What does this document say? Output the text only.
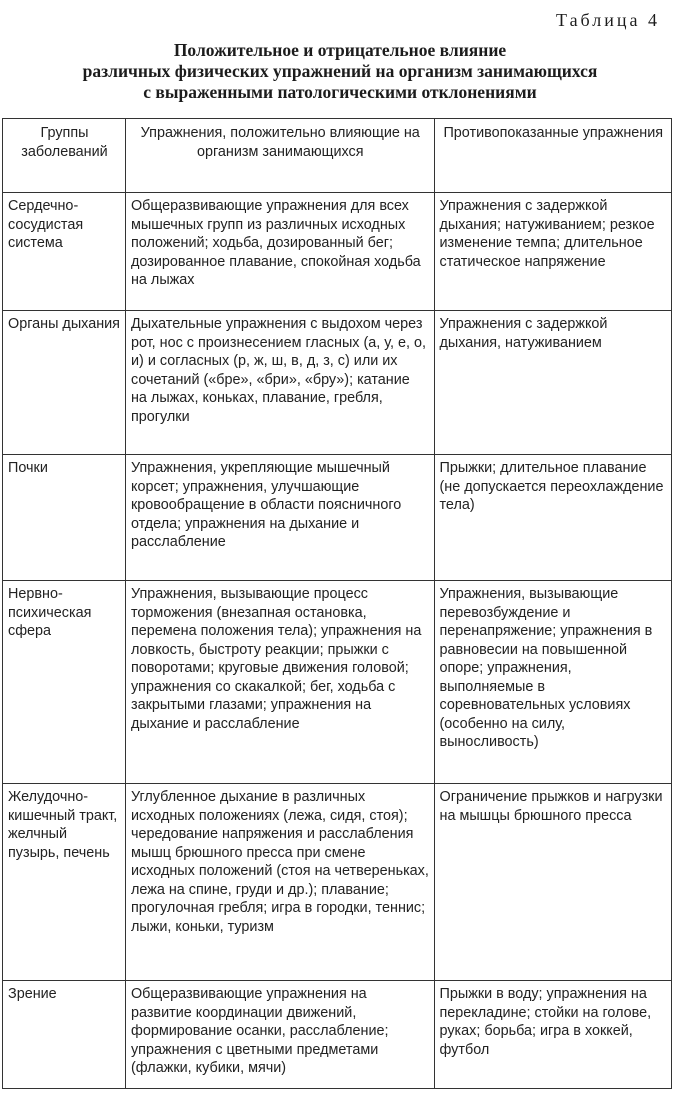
Таблица 4
Положительное и отрицательное влияние
различных физических упражнений на организм занимающихся
с выраженными патологическими отклонениями
Группы заболеваний	Упражнения, положительно влияющие на организм занимающихся	Противопоказанные упражнения
Сердечно-сосудистая система	Общеразвивающие упражнения для всех мышечных групп из различных исходных положений; ходьба, дозированный бег; дозированное плавание, спокойная ходьба на лыжах	Упражнения с задержкой дыхания; натуживанием; резкое изменение темпа; длительное статическое напряжение
Органы дыхания	Дыхательные упражнения с выдохом через рот, нос с произнесением гласных (а, у, е, о, и) и согласных (р, ж, ш, в, д, з, с) или их сочетаний («бре», «бри», «бру»); катание на лыжах, коньках, плавание, гребля, прогулки	Упражнения с задержкой дыхания, натуживанием
Почки	Упражнения, укрепляющие мышечный корсет; упражнения, улучшающие кровообращение в области поясничного отдела; упражнения на дыхание и расслабление	Прыжки; длительное плавание (не допускается переохлаждение тела)
Нервно-психическая сфера	Упражнения, вызывающие процесс торможения (внезапная остановка, перемена положения тела); упражнения на ловкость, быстроту реакции; прыжки с поворотами; круговые движения головой; упражнения со скакалкой; бег, ходьба с закрытыми глазами; упражнения на дыхание и расслабление	Упражнения, вызывающие перевозбуждение и перенапряжение; упражнения в равновесии на повышенной опоре; упражнения, выполняемые в соревновательных условиях (особенно на силу, выносливость)
Желудочно-кишечный тракт, желчный пузырь, печень	Углубленное дыхание в различных исходных положениях (лежа, сидя, стоя); чередование напряжения и расслабления мышц брюшного пресса при смене исходных положений (стоя на четвереньках, лежа на спине, груди и др.); плавание; прогулочная гребля; игра в городки, теннис; лыжи, коньки, туризм	Ограничение прыжков и нагрузки на мышцы брюшного пресса
Зрение	Общеразвивающие упражнения на развитие координации движений, формирование осанки, расслабление; упражнения с цветными предметами (флажки, кубики, мячи)	Прыжки в воду; упражнения на перекладине; стойки на голове, руках; борьба; игра в хоккей, футбол
